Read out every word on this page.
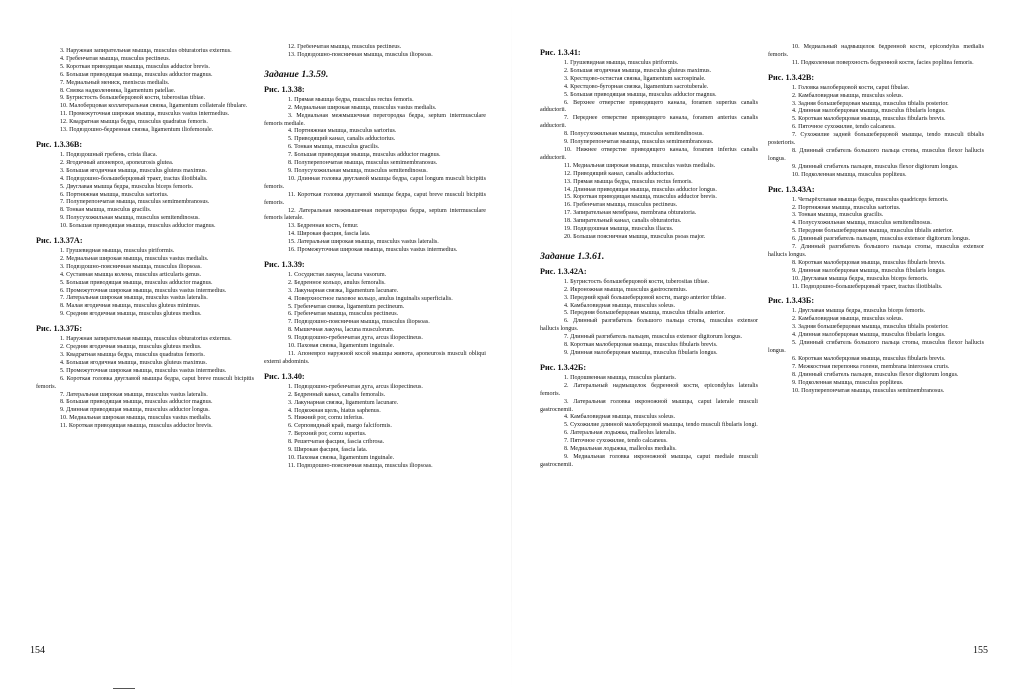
3. Наружная запирательная мышца, musculus obturatorius externus.

4. Гребенчатая мышца, musculus pectineus.

5. Короткая приводящая мышца, musculus adductor brevis.

6. Большая приводящая мышца, musculus adductor magnus.

7. Медиальный мениск, meniscus medialis.

8. Связка надколенника, ligamentum patellae.

9. Бугристость большеберцовой кости, tuberositas tibiae.

10. Малоберцовая коллатеральная связка, ligamentum collaterale fibulare.

11. Промежуточная широкая мышца, musculus vastus intermedius.

12. Квадратная мышца бедра, musculus quadratus femoris.

13. Подвздошно-бедренная связка, ligamentum iliofemorale.

Рис. 1.3.36В:

1. Подвздошный гребень, crista iliaca.

2. Ягодичный апоневроз, aponeurosis glutea.

3. Большая ягодичная мышца, musculus gluteus maximus.

4. Подвздошно-большеберцовый тракт, tractus iliotibialis.

5. Двуглавая мышца бедра, musculus biceps femoris.

6. Портняжная мышца, musculus sartorius.

7. Полуперепончатая мышца, musculus semimembranosus.

8. Тонкая мышца, musculus gracilis.

9. Полусухожильная мышца, musculus semitendinosus.

10. Большая приводящая мышца, musculus adductor magnus.

Рис. 1.3.37А:

1. Грушевидная мышца, musculus piriformis.

2. Медиальная широкая мышца, musculus vastus medialis.

3. Подвздошно-поясничная мышца, musculus iliopsoas.

4. Суставная мышца колена, musculus articularis genus.

5. Большая приводящая мышца, musculus adductor magnus.

6. Промежуточная широкая мышца, musculus vastus intermedius.

7. Латеральная широкая мышца, musculus vastus lateralis.

8. Малая ягодичная мышца, musculus gluteus minimus.

9. Средняя ягодичная мышца, musculus gluteus medius.

Рис. 1.3.37Б:

1. Наружная запирательная мышца, musculus obturatorius externus.

2. Средняя ягодичная мышца, musculus gluteus medius.

3. Квадратная мышца бедра, musculus quadratus femoris.

4. Большая ягодичная мышца, musculus gluteus maximus.

5. Промежуточная широкая мышца, musculus vastus intermedius.

6. Короткая головка двуглавой мышцы бедра, caput breve musculi bicipitis femoris.

7. Латеральная широкая мышца, musculus vastus lateralis.

8. Большая приводящая мышца, musculus adductor magnus.

9. Длинная приводящая мышца, musculus adductor longus.

10. Медиальная широкая мышца, musculus vastus medialis.

11. Короткая приводящая мышца, musculus adductor brevis.

12. Гребенчатая мышца, musculus pectineus.

13. Подвздошно-поясничная мышца, musculus iliopsoas.

Задание 1.3.59.
Рис. 1.3.38:

1. Прямая мышца бедра, musculus rectus femoris.

2. Медиальная широкая мышца, musculus vastus medialis.

3. Медиальная межмышечная перегородка бедра, septum intermusculare femoris mediale.

4. Портняжная мышца, musculus sartorius.

5. Приводящий канал, canalis adductorius.

6. Тонкая мышца, musculus gracilis.

7. Большая приводящая мышца, musculus adductor magnus.

8. Полуперепончатая мышца, musculus semimembranosus.

9. Полусухожильная мышца, musculus semitendinosus.

10. Длинная головка двуглавой мышцы бедра, caput longum musculi bicipitis femoris.

11. Короткая головка двуглавой мышцы бедра, caput breve musculi bicipitis femoris.

12. Латеральная межмышечная перегородка бедра, septum intermusculare femoris laterale.

13. Бедренная кость, femur.

14. Широкая фасция, fascia lata.

15. Латеральная широкая мышца, musculus vastus lateralis.

16. Промежуточная широкая мышца, musculus vastus intermedius.

Рис. 1.3.39:

1. Сосудистая лакуна, lacuna vasorum.

2. Бедренное кольцо, anulus femoralis.

3. Лакунарная связка, ligamentum lacunare.

4. Поверхностное паховое кольцо, anulus inguinalis superficialis.

5. Гребенчатая связка, ligamentum pectineum.

6. Гребенчатая мышца, musculus pectineus.

7. Подвздошно-поясничная мышца, musculus iliopsoas.

8. Мышечная лакуна, lacuna musculorum.

9. Подвздошно-гребенчатая дуга, arcus iliopectineus.

10. Паховая связка, ligamentum inguinale.

11. Апоневроз наружной косой мышцы живота, aponeurosis musculi obliqui externi abdominis.

Рис. 1.3.40:

1. Подвздошно-гребенчатая дуга, arcus iliopectineus.

2. Бедренный канал, canalis femoralis.

3. Лакунарная связка, ligamentum lacunare.

4. Подкожная щель, hiatus saphenus.

5. Нижний рог, cornu inferius.

6. Серповидный край, margo falciformis.

7. Верхний рог, cornu superius.

8. Решетчатая фасция, fascia cribrosa.

9. Широкая фасция, fascia lata.

10. Паховая связка, ligamentum inguinale.

11. Подвздошно-поясничная мышца, musculus iliopsoas.

Рис. 1.3.41:

1. Грушевидная мышца, musculus piriformis.

2. Большая ягодичная мышца, musculus gluteus maximus.

3. Крестцово-остистая связка, ligamentum sacrospinale.

4. Крестцово-бугорная связка, ligamentum sacrotuberale.

5. Большая приводящая мышца, musculus adductor magnus.

6. Верхнее отверстие приводящего канала, foramen superius canalis adductorii.

7. Переднее отверстие приводящего канала, foramen anterius canalis adductorii.

8. Полусухожильная мышца, musculus semitendinosus.

9. Полуперепончатая мышца, musculus semimembranosus.

10. Нижнее отверстие приводящего канала, foramen inferius canalis adductorii.

11. Медиальная широкая мышца, musculus vastus medialis.

12. Приводящий канал, canalis adductorius.

13. Прямая мышца бедра, musculus rectus femoris.

14. Длинная приводящая мышца, musculus adductor longus.

15. Короткая приводящая мышца, musculus adductor brevis.

16. Гребенчатая мышца, musculus pectineus.

17. Запирательная мембрана, membrana obturatoria.

18. Запирательный канал, canalis obturatorius.

19. Подвздошная мышца, musculus iliacus.

20. Большая поясничная мышца, musculus psoas major.

Задание 1.3.61.
Рис. 1.3.42А:

1. Бугристость большеберцовой кости, tuberositas tibiae.

2. Икроножная мышца, musculus gastrocnemius.

3. Передний край большеберцовой кости, margo anterior tibiae.

4. Камбаловидная мышца, musculus soleus.

5. Передняя большеберцовая мышца, musculus tibialis anterior.

6. Длинный разгибатель большого пальца стопы, musculus extensor hallucis longus.

7. Длинный разгибатель пальцев, musculus extensor digitorum longus.

8. Короткая малоберцовая мышца, musculus fibularis brevis.

9. Длинная малоберцовая мышца, musculus fibularis longus.

Рис. 1.3.42Б:

1. Подошвенная мышца, musculus plantaris.

2. Латеральный надмыщелок бедренной кости, epicondylus lateralis femoris.

3. Латеральная головка икроножной мышцы, caput laterale musculi gastrocnemii.

4. Камбаловидная мышца, musculus soleus.

5. Сухожилие длинной малоберцовой мышцы, tendo musculi fibularis longi.

6. Латеральная лодыжка, malleolus lateralis.

7. Пяточное сухожилие, tendo calcaneus.

8. Медиальная лодыжка, malleolus medialis.

9. Медиальная головка икроножной мышцы, caput mediale musculi gastrocnemii.

10. Медиальный надмыщелок бедренной кости, epicondylus medialis femoris.

11. Подколенная поверхность бедренной кости, facies poplitea femoris.

Рис. 1.3.42В:

1. Головка малоберцовой кости, caput fibulae.

2. Камбаловидная мышца, musculus soleus.

3. Задняя большеберцовая мышца, musculus tibialis posterior.

4. Длинная малоберцовая мышца, musculus fibularis longus.

5. Короткая малоберцовая мышца, musculus fibularis brevis.

6. Пяточное сухожилие, tendo calcaneus.

7. Сухожилие задней большеберцовой мышцы, tendo musculi tibialis posterioris.

8. Длинный сгибатель большого пальца стопы, musculus flexor hallucis longus.

9. Длинный сгибатель пальцев, musculus flexor digitorum longus.

10. Подколенная мышца, musculus popliteus.

Рис. 1.3.43А:

1. Четырёхглавая мышца бедра, musculus quadriceps femoris.

2. Портняжная мышца, musculus sartorius.

3. Тонкая мышца, musculus gracilis.

4. Полусухожильная мышца, musculus semitendinosus.

5. Передняя большеберцовая мышца, musculus tibialis anterior.

6. Длинный разгибатель пальцев, musculus extensor digitorum longus.

7. Длинный разгибатель большого пальца стопы, musculus extensor hallucis longus.

8. Короткая малоберцовая мышца, musculus fibularis brevis.

9. Длинная малоберцовая мышца, musculus fibularis longus.

10. Двуглавая мышца бедра, musculus biceps femoris.

11. Подвздошно-большеберцовый тракт, tractus iliotibialis.

Рис. 1.3.43Б:

1. Двуглавая мышца бедра, musculus biceps femoris.

2. Камбаловидная мышца, musculus soleus.

3. Задняя большеберцовая мышца, musculus tibialis posterior.

4. Длинная малоберцовая мышца, musculus fibularis longus.

5. Длинный сгибатель большого пальца стопы, musculus flexor hallucis longus.

6. Короткая малоберцовая мышца, musculus fibularis brevis.

7. Межкостная перепонка голени, membrana interossea cruris.

8. Длинный сгибатель пальцев, musculus flexor digitorum longus.

9. Подколенная мышца, musculus popliteus.

10. Полуперепончатая мышца, musculus semimembranosus.

154	155
